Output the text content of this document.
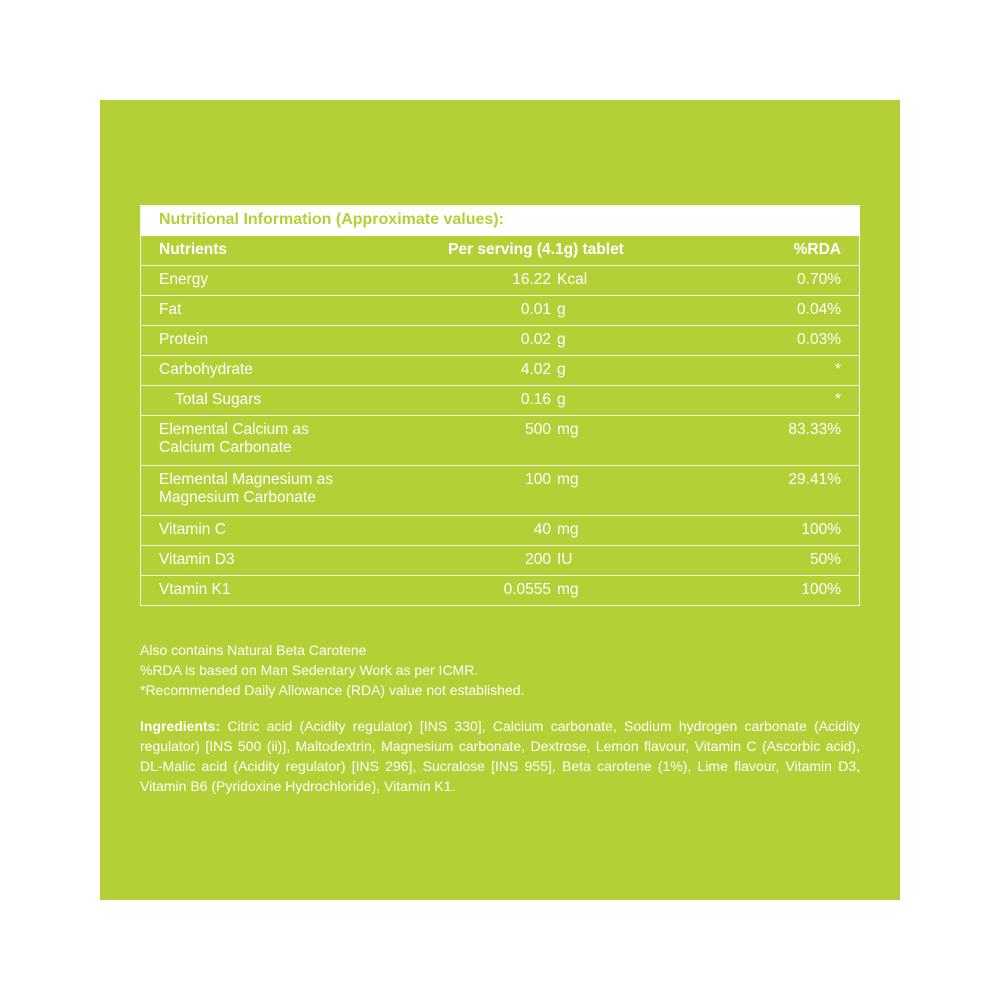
Nutritional Information (Approximate values):		
Nutrients	Per serving (4.1g) tablet	%RDA
Energy	16.22 Kcal	0.70%
Fat	0.01 g	0.04%
Protein	0.02 g	0.03%
Carbohydrate	4.02 g	*
Total Sugars	0.16 g	*
Elemental Calcium as Calcium Carbonate	500 mg	83.33%
Elemental Magnesium as Magnesium Carbonate	100 mg	29.41%
Vitamin C	40 mg	100%
Vitamin D3	200 IU	50%
Vtamin K1	0.0555 mg	100%
Also contains Natural Beta Carotene
%RDA is based on Man Sedentary Work as per ICMR.
*Recommended Daily Allowance (RDA) value not established.
Ingredients: Citric acid (Acidity regulator) [INS 330], Calcium carbonate, Sodium hydrogen carbonate (Acidity regulator) [INS 500 (ii)], Maltodextrin, Magnesium carbonate, Dextrose, Lemon flavour, Vitamin C (Ascorbic acid), DL-Malic acid (Acidity regulator) [INS 296], Sucralose [INS 955], Beta carotene (1%), Lime flavour, Vitamin D3, Vitamin B6 (Pyridoxine Hydrochloride), Vitamin K1.
